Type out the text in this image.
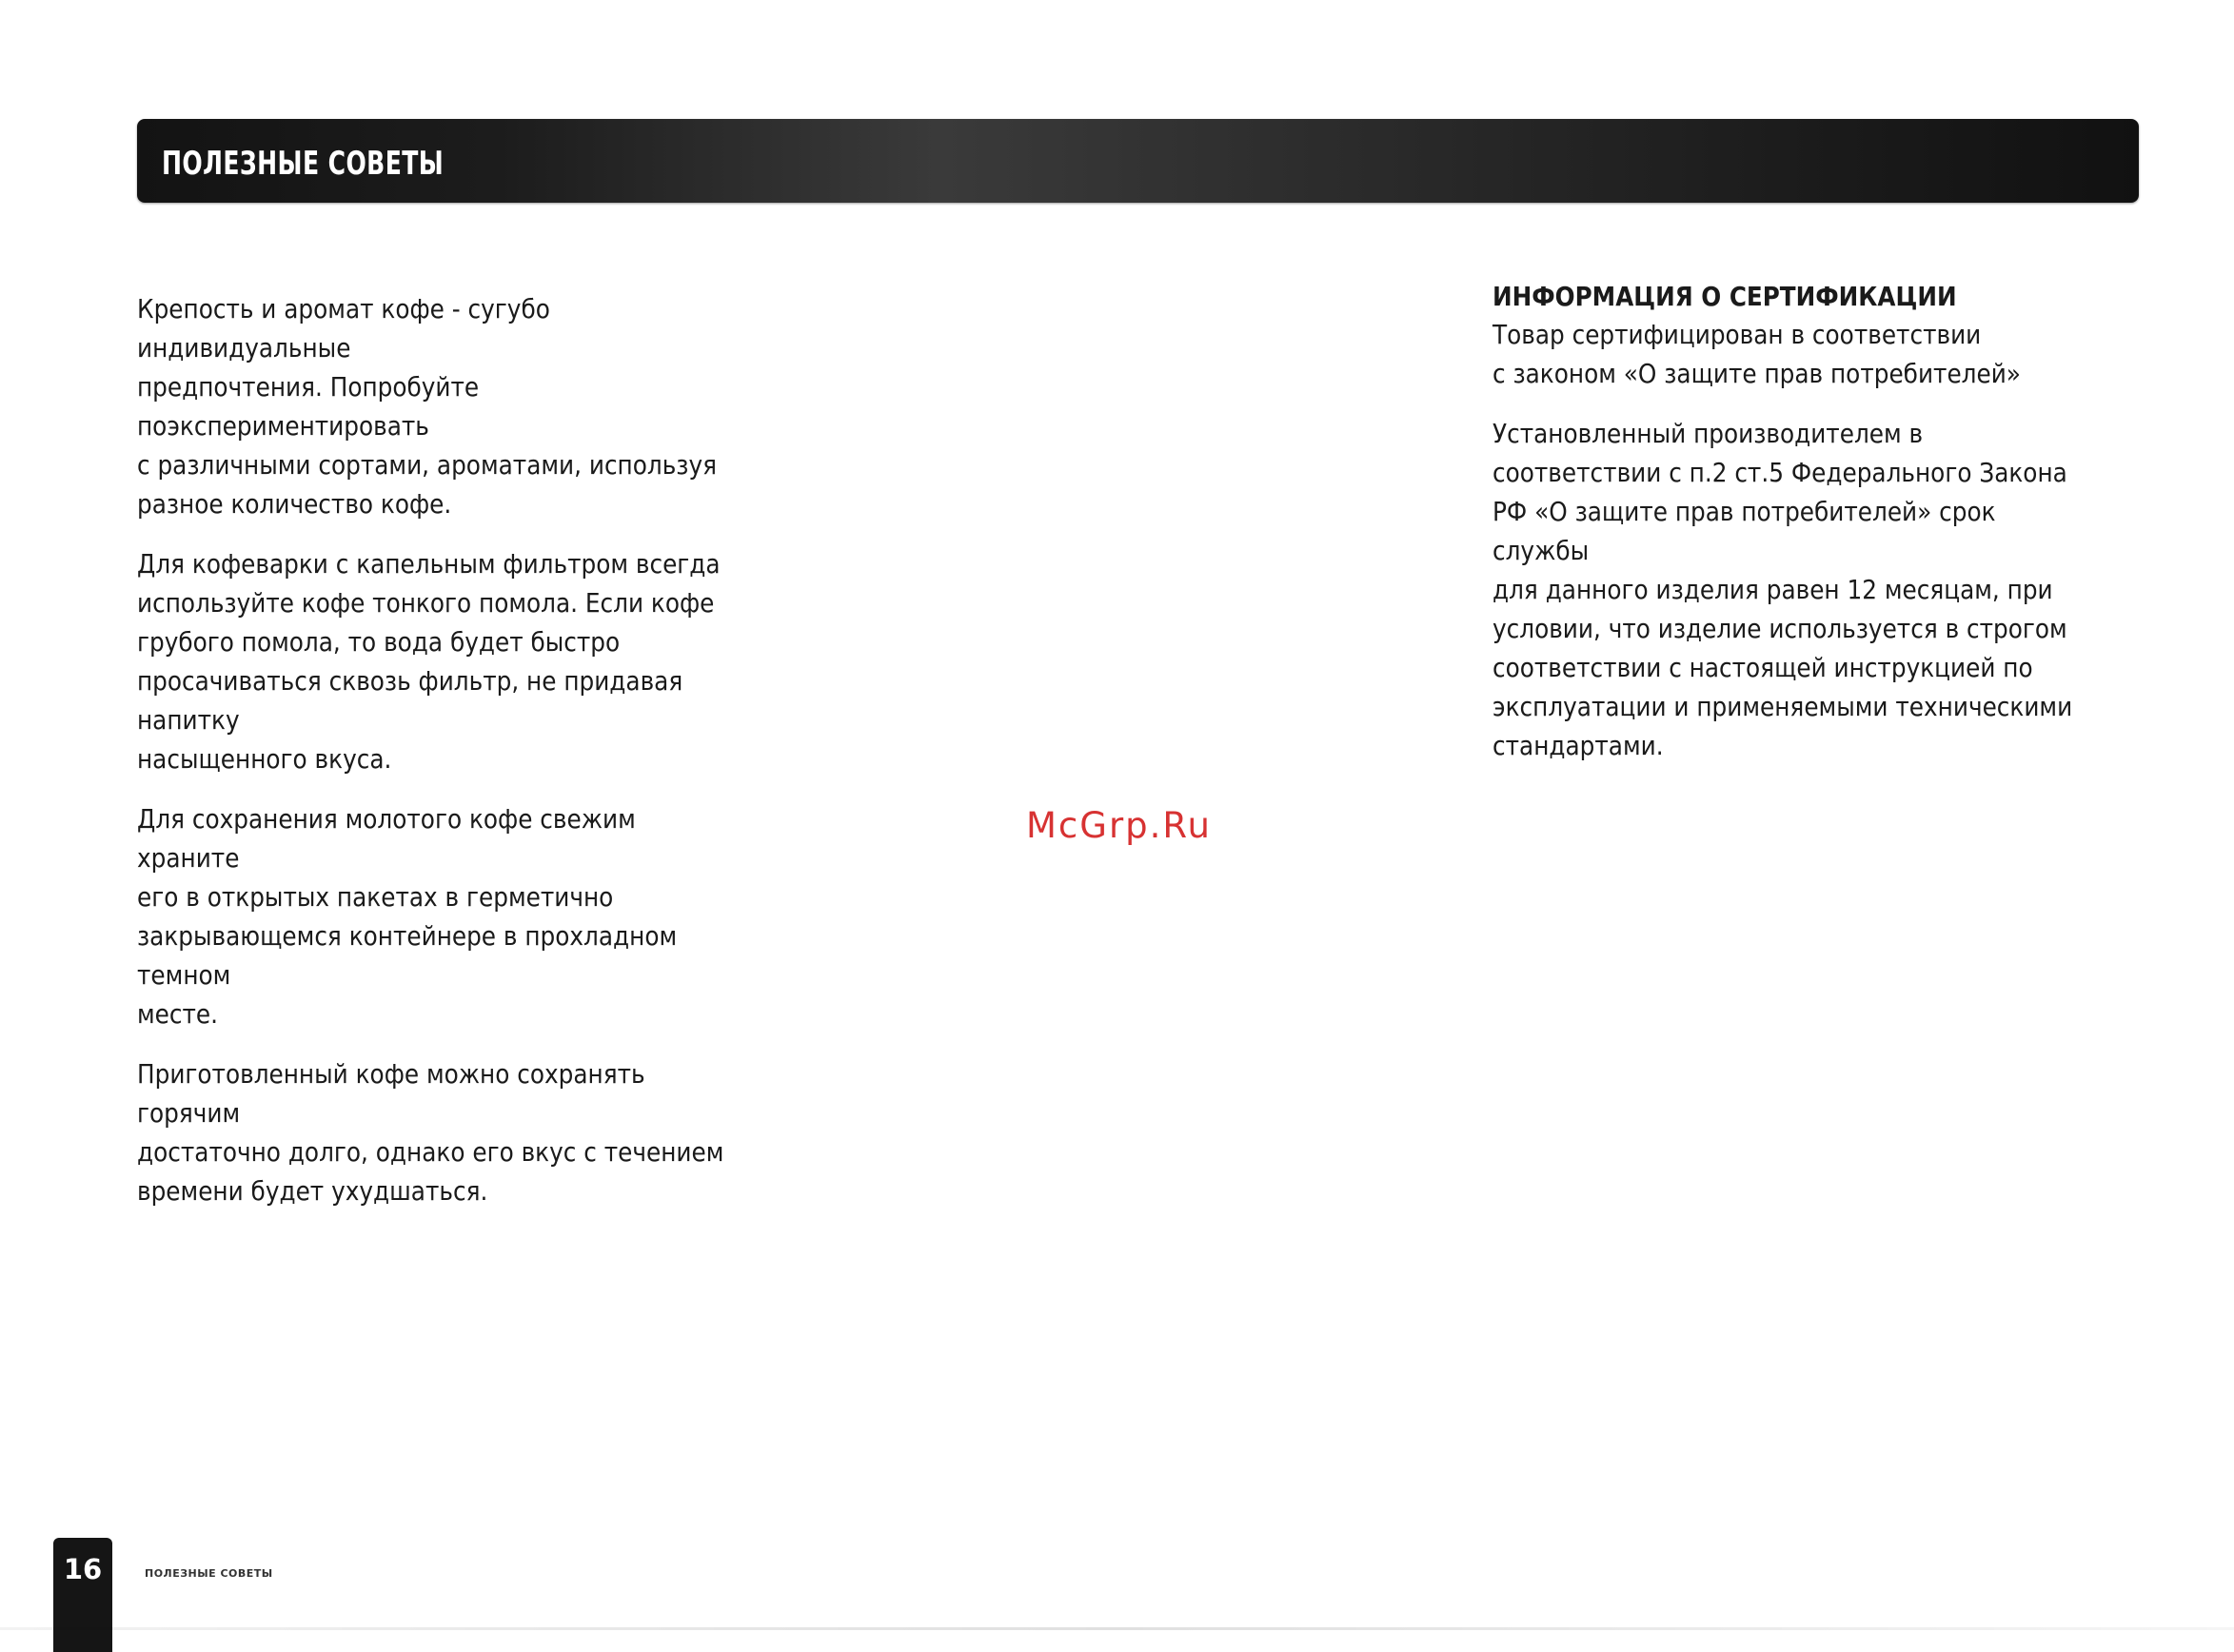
ПОЛЕЗНЫЕ СОВЕТЫ

Крепость и аромат кофе - сугубо индивидуальные
предпочтения. Попробуйте поэкспериментировать
с различными сортами, ароматами, используя
разное количество кофе.

Для кофеварки с капельным фильтром всегда
используйте кофе тонкого помола. Если кофе
грубого помола, то вода будет быстро
просачиваться сквозь фильтр, не придавая напитку
насыщенного вкуса.

Для сохранения молотого кофе свежим храните
его в открытых пакетах в герметично
закрывающемся контейнере в прохладном темном
месте.

Приготовленный кофе можно сохранять горячим
достаточно долго, однако его вкус с течением
времени будет ухудшаться.

ИНФОРМАЦИЯ О СЕРТИФИКАЦИИ

Товар сертифицирован в соответствии
с законом «О защите прав потребителей»

Установленный производителем в
соответствии с п.2 ст.5 Федерального Закона
РФ «О защите прав потребителей» срок службы
для данного изделия равен 12 месяцам, при
условии, что изделие используется в строгом
соответствии с настоящей инструкцией по
эксплуатации и применяемыми техническими
стандартами.

McGrp.Ru
16	ПОЛЕЗНЫЕ СОВЕТЫ
